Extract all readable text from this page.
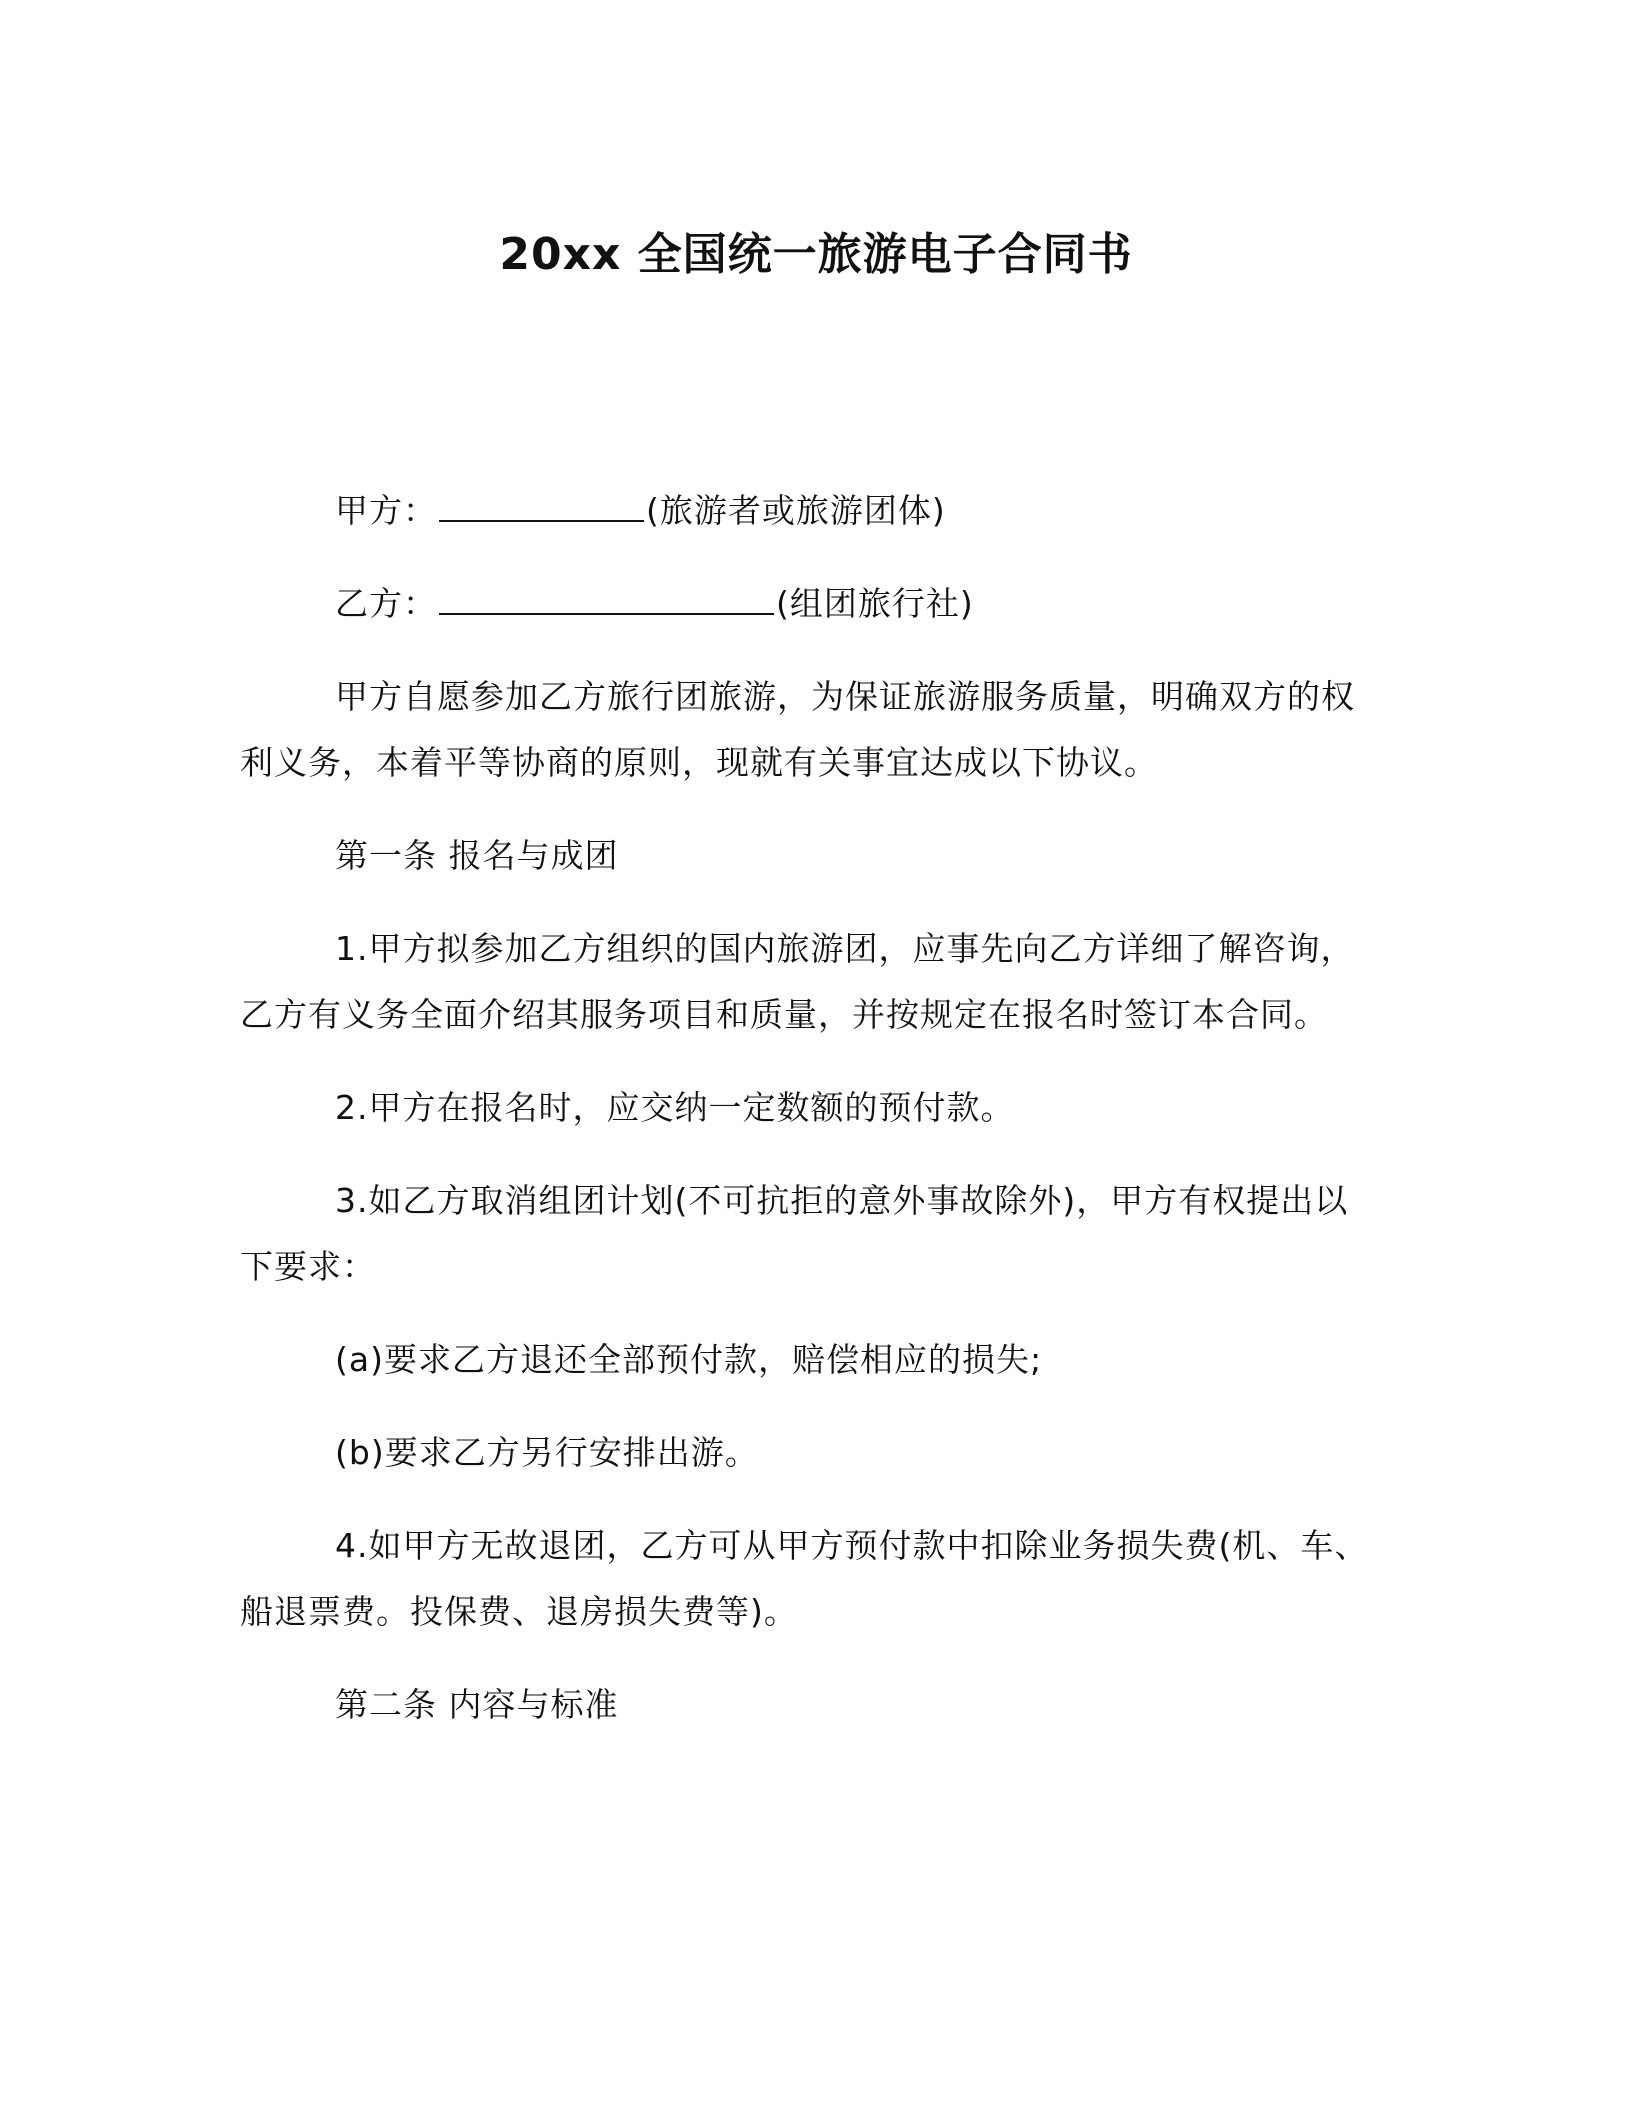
20xx 全国统一旅游电子合同书

甲方：	(旅游者或旅游团体)

乙方：	(组团旅行社)

甲方自愿参加乙方旅行团旅游，为保证旅游服务质量，明确双方的权利义务，本着平等协商的原则，现就有关事宜达成以下协议。

第一条 报名与成团

1.甲方拟参加乙方组织的国内旅游团，应事先向乙方详细了解咨询，乙方有义务全面介绍其服务项目和质量，并按规定在报名时签订本合同。

2.甲方在报名时，应交纳一定数额的预付款。

3.如乙方取消组团计划(不可抗拒的意外事故除外)，甲方有权提出以下要求：

(a)要求乙方退还全部预付款，赔偿相应的损失;

(b)要求乙方另行安排出游。

4.如甲方无故退团，乙方可从甲方预付款中扣除业务损失费(机、车、船退票费。投保费、退房损失费等)。

第二条 内容与标准
